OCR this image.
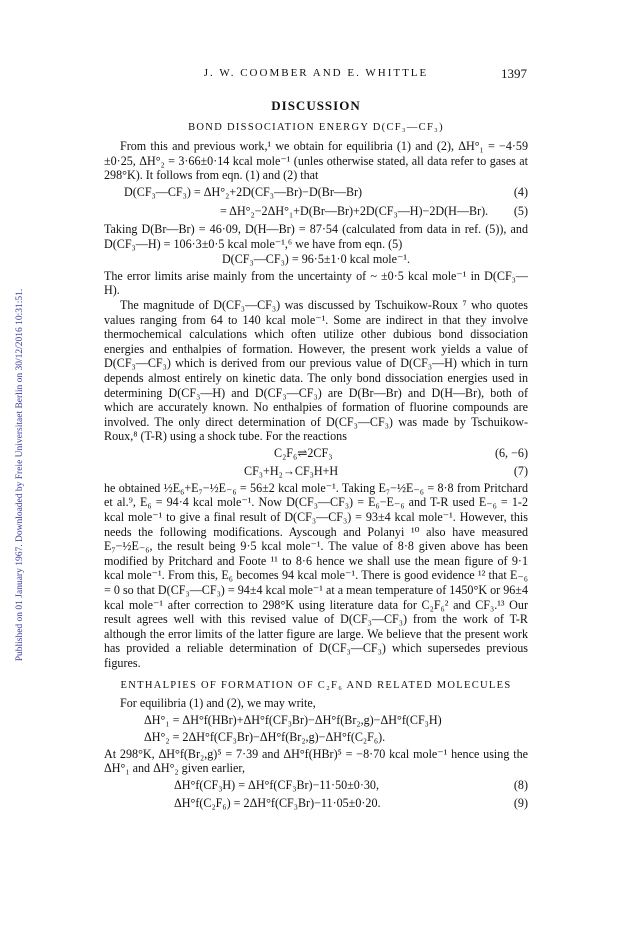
Published on 01 January 1967. Downloaded by Freie Universitaet Berlin on 30/12/2016 10:31:51.
J. W. COOMBER AND E. WHITTLE	1397

DISCUSSION

BOND DISSOCIATION ENERGY D(CF₃—CF₃)

From this and previous work,¹ we obtain for equilibria (1) and (2), ΔH°₁ = −4·59 ±0·25, ΔH°₂ = 3·66±0·14 kcal mole⁻¹ (unles otherwise stated, all data refer to gases at 298°K). It follows from eqn. (1) and (2) that

D(CF₃—CF₃) = ΔH°₂+2D(CF₃—Br)−D(Br—Br)	(4)
= ΔH°₂−2ΔH°₁+D(Br—Br)+2D(CF₃—H)−2D(H—Br). (5)

Taking D(Br—Br) = 46·09, D(H—Br) = 87·54 (calculated from data in ref. (5)), and D(CF₃—H) = 106·3±0·5 kcal mole⁻¹,⁶ we have from eqn. (5)

D(CF₃—CF₃) = 96·5±1·0 kcal mole⁻¹.

The error limits arise mainly from the uncertainty of ~ ±0·5 kcal mole⁻¹ in D(CF₃—H).

The magnitude of D(CF₃—CF₃) was discussed by Tschuikow-Roux ⁷ who quotes values ranging from 64 to 140 kcal mole⁻¹. Some are indirect in that they involve thermochemical calculations which often utilize other dubious bond dissociation energies and enthalpies of formation. However, the present work yields a value of D(CF₃—CF₃) which is derived from our previous value of D(CF₃—H) which in turn depends almost entirely on kinetic data. The only bond dissociation energies used in determining D(CF₃—H) and D(CF₃—CF₃) are D(Br—Br) and D(H—Br), both of which are accurately known. No enthalpies of formation of fluorine compounds are involved. The only direct determination of D(CF₃—CF₃) was made by Tschuikow-Roux,⁸ (T-R) using a shock tube. For the reactions

C₂F₆⇌2CF₃	(6, −6)
CF₃+H₂→CF₃H+H	(7)

he obtained ½E₆+E₇−½E₋₆ = 56±2 kcal mole⁻¹. Taking E₇−½E₋₆ = 8·8 from Pritchard et al.⁹, E₆ = 94·4 kcal mole⁻¹. Now D(CF₃—CF₃) = E₆−E₋₆ and T-R used E₋₆ = 1-2 kcal mole⁻¹ to give a final result of D(CF₃—CF₃) = 93±4 kcal mole⁻¹. However, this needs the following modifications. Ayscough and Polanyi ¹⁰ also have measured E₇−½E₋₆, the result being 9·5 kcal mole⁻¹. The value of 8·8 given above has been modified by Pritchard and Foote ¹¹ to 8·6 hence we shall use the mean figure of 9·1 kcal mole⁻¹. From this, E₆ becomes 94 kcal mole⁻¹. There is good evidence ¹² that E₋₆ = 0 so that D(CF₃—CF₃) = 94±4 kcal mole⁻¹ at a mean temperature of 1450°K or 96±4 kcal mole⁻¹ after correction to 298°K using literature data for C₂F₆² and CF₃.¹³ Our result agrees well with this revised value of D(CF₃—CF₃) from the work of T-R although the error limits of the latter figure are large. We believe that the present work has provided a reliable determination of D(CF₃—CF₃) which supersedes previous figures.

ENTHALPIES OF FORMATION OF C₂F₆ AND RELATED MOLECULES

For equilibria (1) and (2), we may write,

ΔH°₁ = ΔH°f(HBr)+ΔH°f(CF₃Br)−ΔH°f(Br₂,g)−ΔH°f(CF₃H)
ΔH°₂ = 2ΔH°f(CF₃Br)−ΔH°f(Br₂,g)−ΔH°f(C₂F₆).

At 298°K, ΔH°f(Br₂,g)⁵ = 7·39 and ΔH°f(HBr)⁵ = −8·70 kcal mole⁻¹ hence using the ΔH°₁ and ΔH°₂ given earlier,

ΔH°f(CF₃H) = ΔH°f(CF₃Br)−11·50±0·30,	(8)
ΔH°f(C₂F₆) = 2ΔH°f(CF₃Br)−11·05±0·20.	(9)
